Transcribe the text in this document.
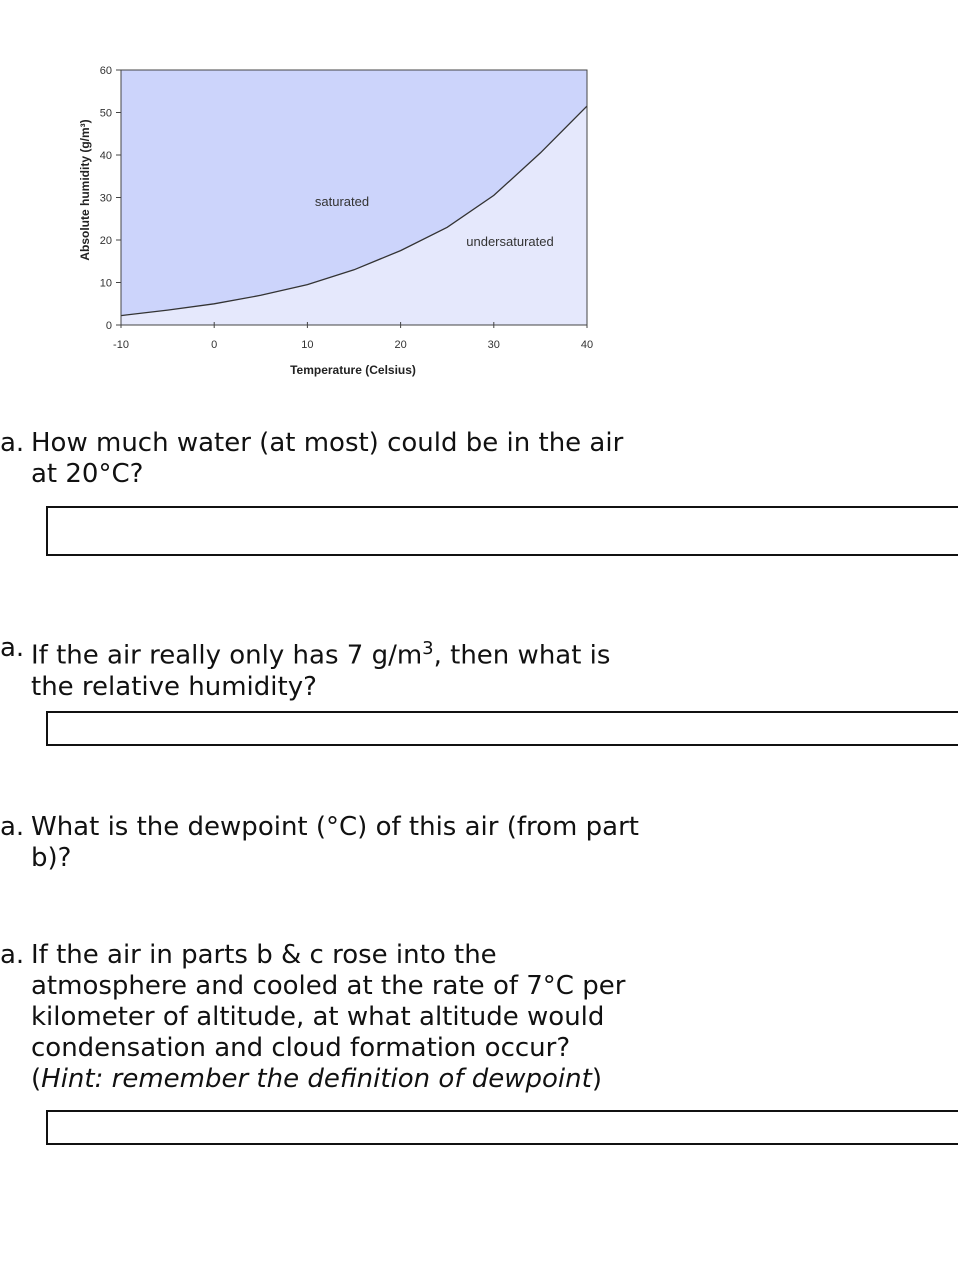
-10	0	10	20	30	40
0
10
20
30
40
50
60
saturated
undersaturated
Temperature (Celsius)
Absolute humidity (g/m³)
a. How much water (at most) could be in the air
at 20°C?
a. If the air really only has 7 $g/m^3$, then what is
the relative humidity?
a. What is the dewpoint (°C) of this air (from part
b)?
a. If the air in parts b & c rose into the
atmosphere and cooled at the rate of 7°C per
kilometer of altitude, at what altitude would
condensation and cloud formation occur?
(Hint: remember the definition of dewpoint)
